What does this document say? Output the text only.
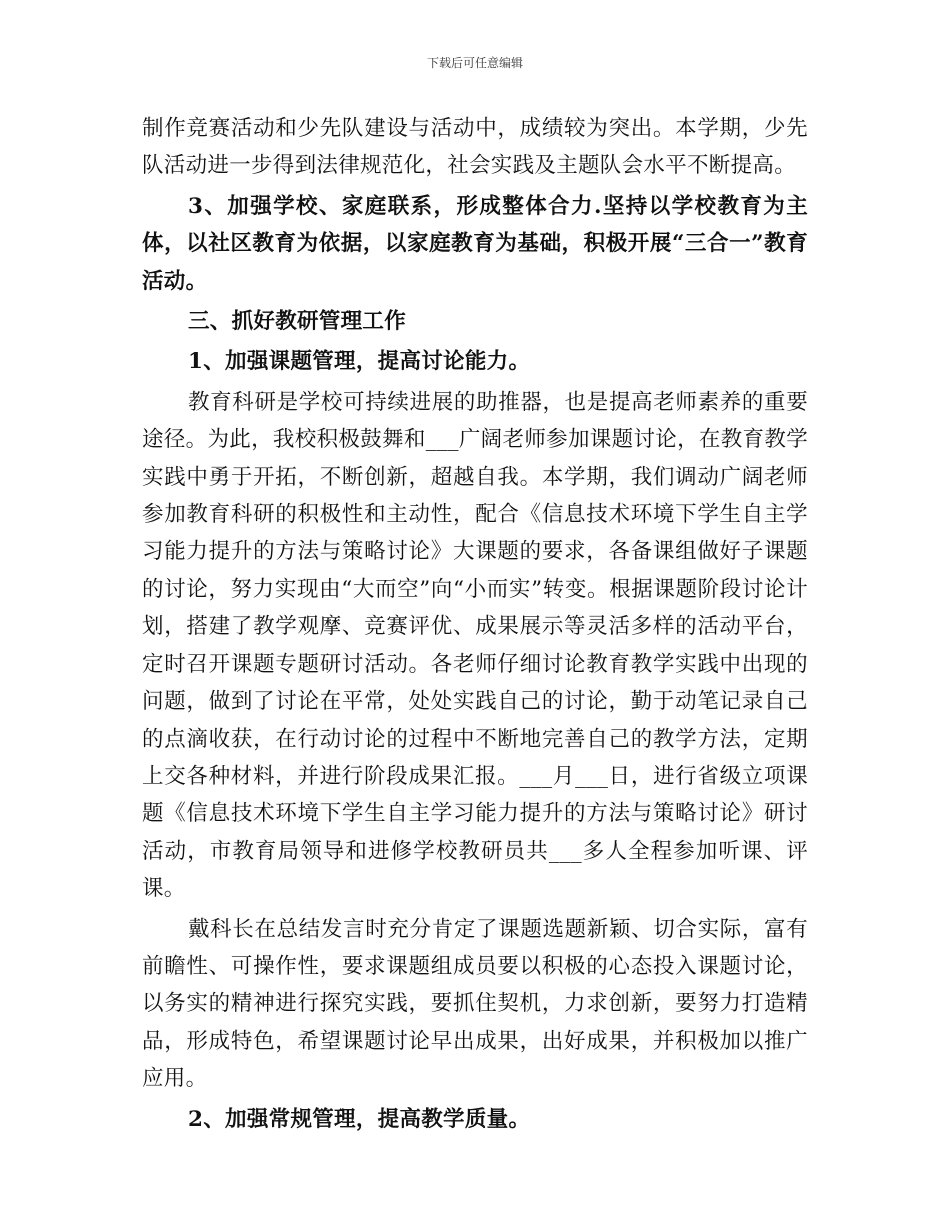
下载后可任意编辑

制作竞赛活动和少先队建设与活动中，成绩较为突出。本学期，少先队活动进一步得到法律规范化，社会实践及主题队会水平不断提高。

3、加强学校、家庭联系，形成整体合力.坚持以学校教育为主体，以社区教育为依据，以家庭教育为基础，积极开展“三合一”教育活动。

三、抓好教研管理工作

1、加强课题管理，提高讨论能力。

教育科研是学校可持续进展的助推器，也是提高老师素养的重要途径。为此，我校积极鼓舞和___广阔老师参加课题讨论，在教育教学实践中勇于开拓，不断创新，超越自我。本学期，我们调动广阔老师参加教育科研的积极性和主动性，配合《信息技术环境下学生自主学习能力提升的方法与策略讨论》大课题的要求，各备课组做好子课题的讨论，努力实现由“大而空”向“小而实”转变。根据课题阶段讨论计划，搭建了教学观摩、竞赛评优、成果展示等灵活多样的活动平台，定时召开课题专题研讨活动。各老师仔细讨论教育教学实践中出现的问题，做到了讨论在平常，处处实践自己的讨论，勤于动笔记录自己的点滴收获，在行动讨论的过程中不断地完善自己的教学方法，定期上交各种材料，并进行阶段成果汇报。___月___日，进行省级立项课题《信息技术环境下学生自主学习能力提升的方法与策略讨论》研讨活动，市教育局领导和进修学校教研员共___多人全程参加听课、评课。

戴科长在总结发言时充分肯定了课题选题新颖、切合实际，富有前瞻性、可操作性，要求课题组成员要以积极的心态投入课题讨论，以务实的精神进行探究实践，要抓住契机，力求创新，要努力打造精品，形成特色，希望课题讨论早出成果，出好成果，并积极加以推广应用。

2、加强常规管理，提高教学质量。
